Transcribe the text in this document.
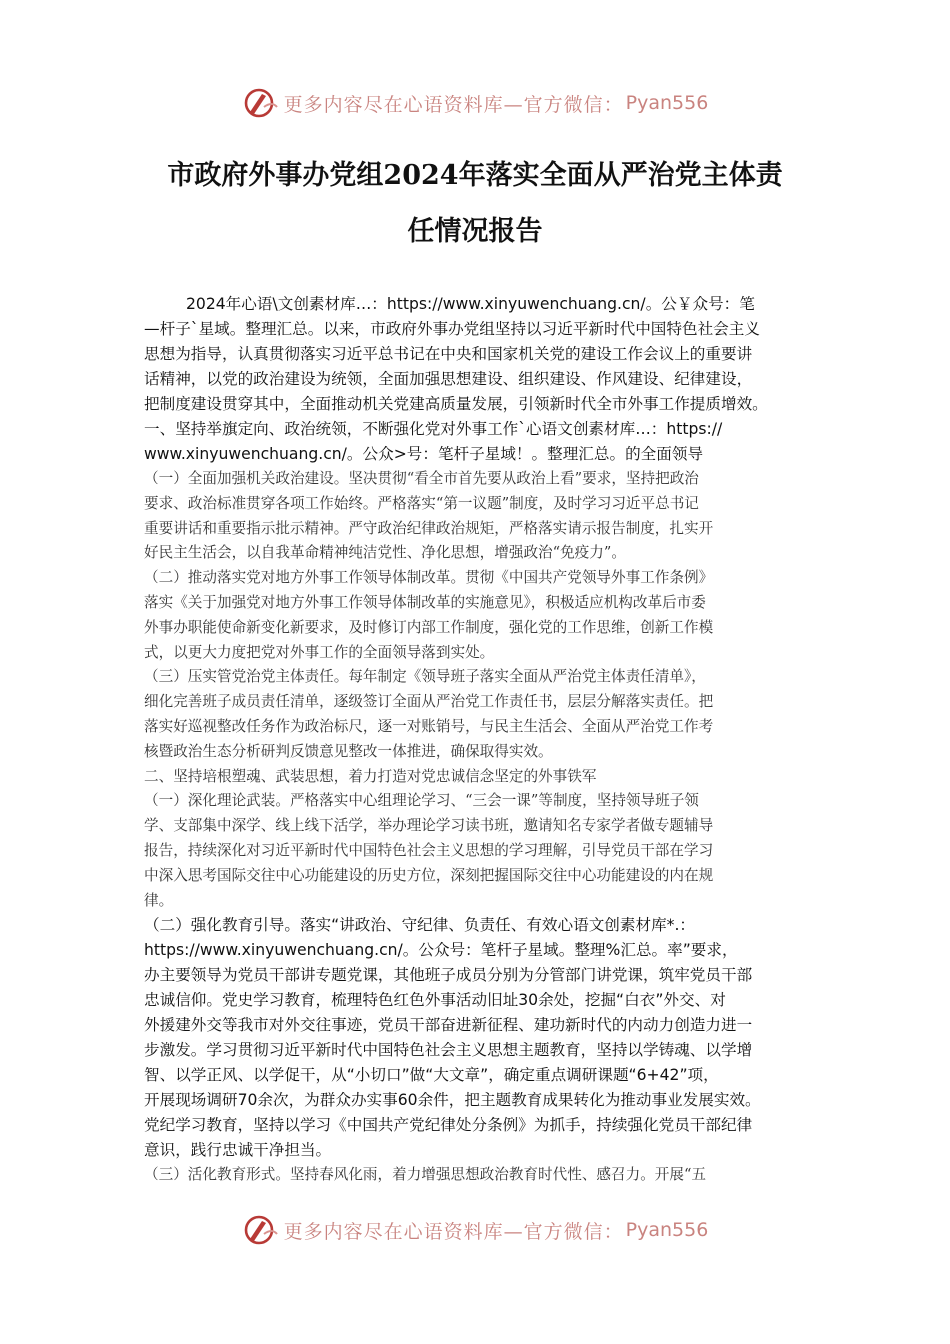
更多内容尽在心语资料库—官方微信： Pyan556
市政府外事办党组2024年落实全面从严治党主体责
任情况报告

2024年心语\文创素材库…：https://www.xinyuwenchuang.cn/。公￥众号：笔

—杆子`星域。整理汇总。以来，市政府外事办党组坚持以习近平新时代中国特色社会主义

思想为指导，认真贯彻落实习近平总书记在中央和国家机关党的建设工作会议上的重要讲

话精神，以党的政治建设为统领，全面加强思想建设、组织建设、作风建设、纪律建设，

把制度建设贯穿其中，全面推动机关党建高质量发展，引领新时代全市外事工作提质增效。

一、坚持举旗定向、政治统领，不断强化党对外事工作`心语文创素材库…：https://

www.xinyuwenchuang.cn/。公众>号：笔杆子星域！。整理汇总。的全面领导

（一）全面加强机关政治建设。坚决贯彻“看全市首先要从政治上看”要求，坚持把政治

要求、政治标准贯穿各项工作始终。严格落实“第一议题”制度，及时学习习近平总书记

重要讲话和重要指示批示精神。严守政治纪律政治规矩，严格落实请示报告制度，扎实开

好民主生活会，以自我革命精神纯洁党性、净化思想，增强政治“免疫力”。

（二）推动落实党对地方外事工作领导体制改革。贯彻《中国共产党领导外事工作条例》

落实《关于加强党对地方外事工作领导体制改革的实施意见》，积极适应机构改革后市委

外事办职能使命新变化新要求，及时修订内部工作制度，强化党的工作思维，创新工作模

式，以更大力度把党对外事工作的全面领导落到实处。

（三）压实管党治党主体责任。每年制定《领导班子落实全面从严治党主体责任清单》，

细化完善班子成员责任清单，逐级签订全面从严治党工作责任书，层层分解落实责任。把

落实好巡视整改任务作为政治标尺，逐一对账销号，与民主生活会、全面从严治党工作考

核暨政治生态分析研判反馈意见整改一体推进，确保取得实效。

二、坚持培根塑魂、武装思想，着力打造对党忠诚信念坚定的外事铁军

（一）深化理论武装。严格落实中心组理论学习、“三会一课”等制度，坚持领导班子领

学、支部集中深学、线上线下活学，举办理论学习读书班，邀请知名专家学者做专题辅导

报告，持续深化对习近平新时代中国特色社会主义思想的学习理解，引导党员干部在学习

中深入思考国际交往中心功能建设的历史方位，深刻把握国际交往中心功能建设的内在规

律。

（二）强化教育引导。落实“讲政治、守纪律、负责任、有效心语文创素材库*.：

https://www.xinyuwenchuang.cn/。公众号：笔杆子星域。整理%汇总。率”要求，

办主要领导为党员干部讲专题党课，其他班子成员分别为分管部门讲党课，筑牢党员干部

忠诚信仰。党史学习教育，梳理特色红色外事活动旧址30余处，挖掘“白衣”外交、对

外援建外交等我市对外交往事迹，党员干部奋进新征程、建功新时代的内动力创造力进一

步激发。学习贯彻习近平新时代中国特色社会主义思想主题教育，坚持以学铸魂、以学增

智、以学正风、以学促干，从“小切口”做“大文章”，确定重点调研课题“6+42”项，

开展现场调研70余次，为群众办实事60余件，把主题教育成果转化为推动事业发展实效。

党纪学习教育，坚持以学习《中国共产党纪律处分条例》为抓手，持续强化党员干部纪律

意识，践行忠诚干净担当。

（三）活化教育形式。坚持春风化雨，着力增强思想政治教育时代性、感召力。开展“五

更多内容尽在心语资料库—官方微信： Pyan556
